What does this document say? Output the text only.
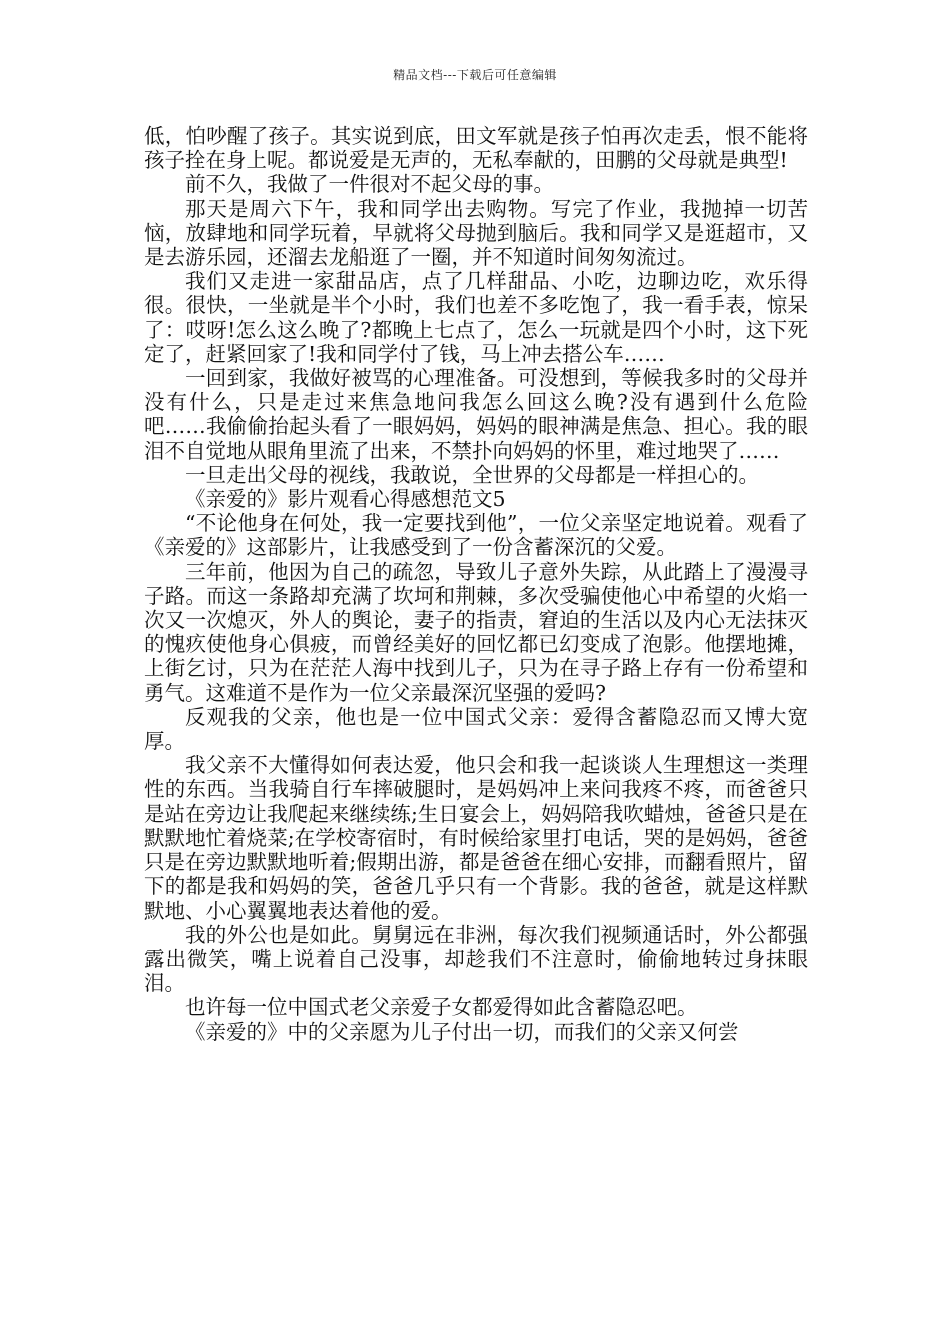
精品文档---下载后可任意编辑

低，怕吵醒了孩子。其实说到底，田文军就是孩子怕再次走丢，恨不能将孩子拴在身上呢。都说爱是无声的，无私奉献的，田鹏的父母就是典型!

前不久，我做了一件很对不起父母的事。

那天是周六下午，我和同学出去购物。写完了作业，我抛掉一切苦恼，放肆地和同学玩着，早就将父母抛到脑后。我和同学又是逛超市，又是去游乐园，还溜去龙船逛了一圈，并不知道时间匆匆流过。

我们又走进一家甜品店，点了几样甜品、小吃，边聊边吃，欢乐得很。很快，一坐就是半个小时，我们也差不多吃饱了，我一看手表，惊呆了：哎呀!怎么这么晚了?都晚上七点了，怎么一玩就是四个小时，这下死定了，赶紧回家了!我和同学付了钱，马上冲去搭公车……

一回到家，我做好被骂的心理准备。可没想到，等候我多时的父母并没有什么，只是走过来焦急地问我怎么回这么晚?没有遇到什么危险吧……我偷偷抬起头看了一眼妈妈，妈妈的眼神满是焦急、担心。我的眼泪不自觉地从眼角里流了出来，不禁扑向妈妈的怀里，难过地哭了……

一旦走出父母的视线，我敢说，全世界的父母都是一样担心的。

《亲爱的》影片观看心得感想范文5

“不论他身在何处，我一定要找到他”，一位父亲坚定地说着。观看了《亲爱的》这部影片，让我感受到了一份含蓄深沉的父爱。

三年前，他因为自己的疏忽，导致儿子意外失踪，从此踏上了漫漫寻子路。而这一条路却充满了坎坷和荆棘，多次受骗使他心中希望的火焰一次又一次熄灭，外人的舆论，妻子的指责，窘迫的生活以及内心无法抹灭的愧疚使他身心俱疲，而曾经美好的回忆都已幻变成了泡影。他摆地摊，上街乞讨，只为在茫茫人海中找到儿子，只为在寻子路上存有一份希望和勇气。这难道不是作为一位父亲最深沉坚强的爱吗?

反观我的父亲，他也是一位中国式父亲：爱得含蓄隐忍而又博大宽厚。

我父亲不大懂得如何表达爱，他只会和我一起谈谈人生理想这一类理性的东西。当我骑自行车摔破腿时，是妈妈冲上来问我疼不疼，而爸爸只是站在旁边让我爬起来继续练;生日宴会上，妈妈陪我吹蜡烛，爸爸只是在默默地忙着烧菜;在学校寄宿时，有时候给家里打电话，哭的是妈妈，爸爸只是在旁边默默地听着;假期出游，都是爸爸在细心安排，而翻看照片，留下的都是我和妈妈的笑，爸爸几乎只有一个背影。我的爸爸，就是这样默默地、小心翼翼地表达着他的爱。

我的外公也是如此。舅舅远在非洲，每次我们视频通话时，外公都强露出微笑，嘴上说着自己没事，却趁我们不注意时，偷偷地转过身抹眼泪。

也许每一位中国式老父亲爱子女都爱得如此含蓄隐忍吧。

《亲爱的》中的父亲愿为儿子付出一切，而我们的父亲又何尝
